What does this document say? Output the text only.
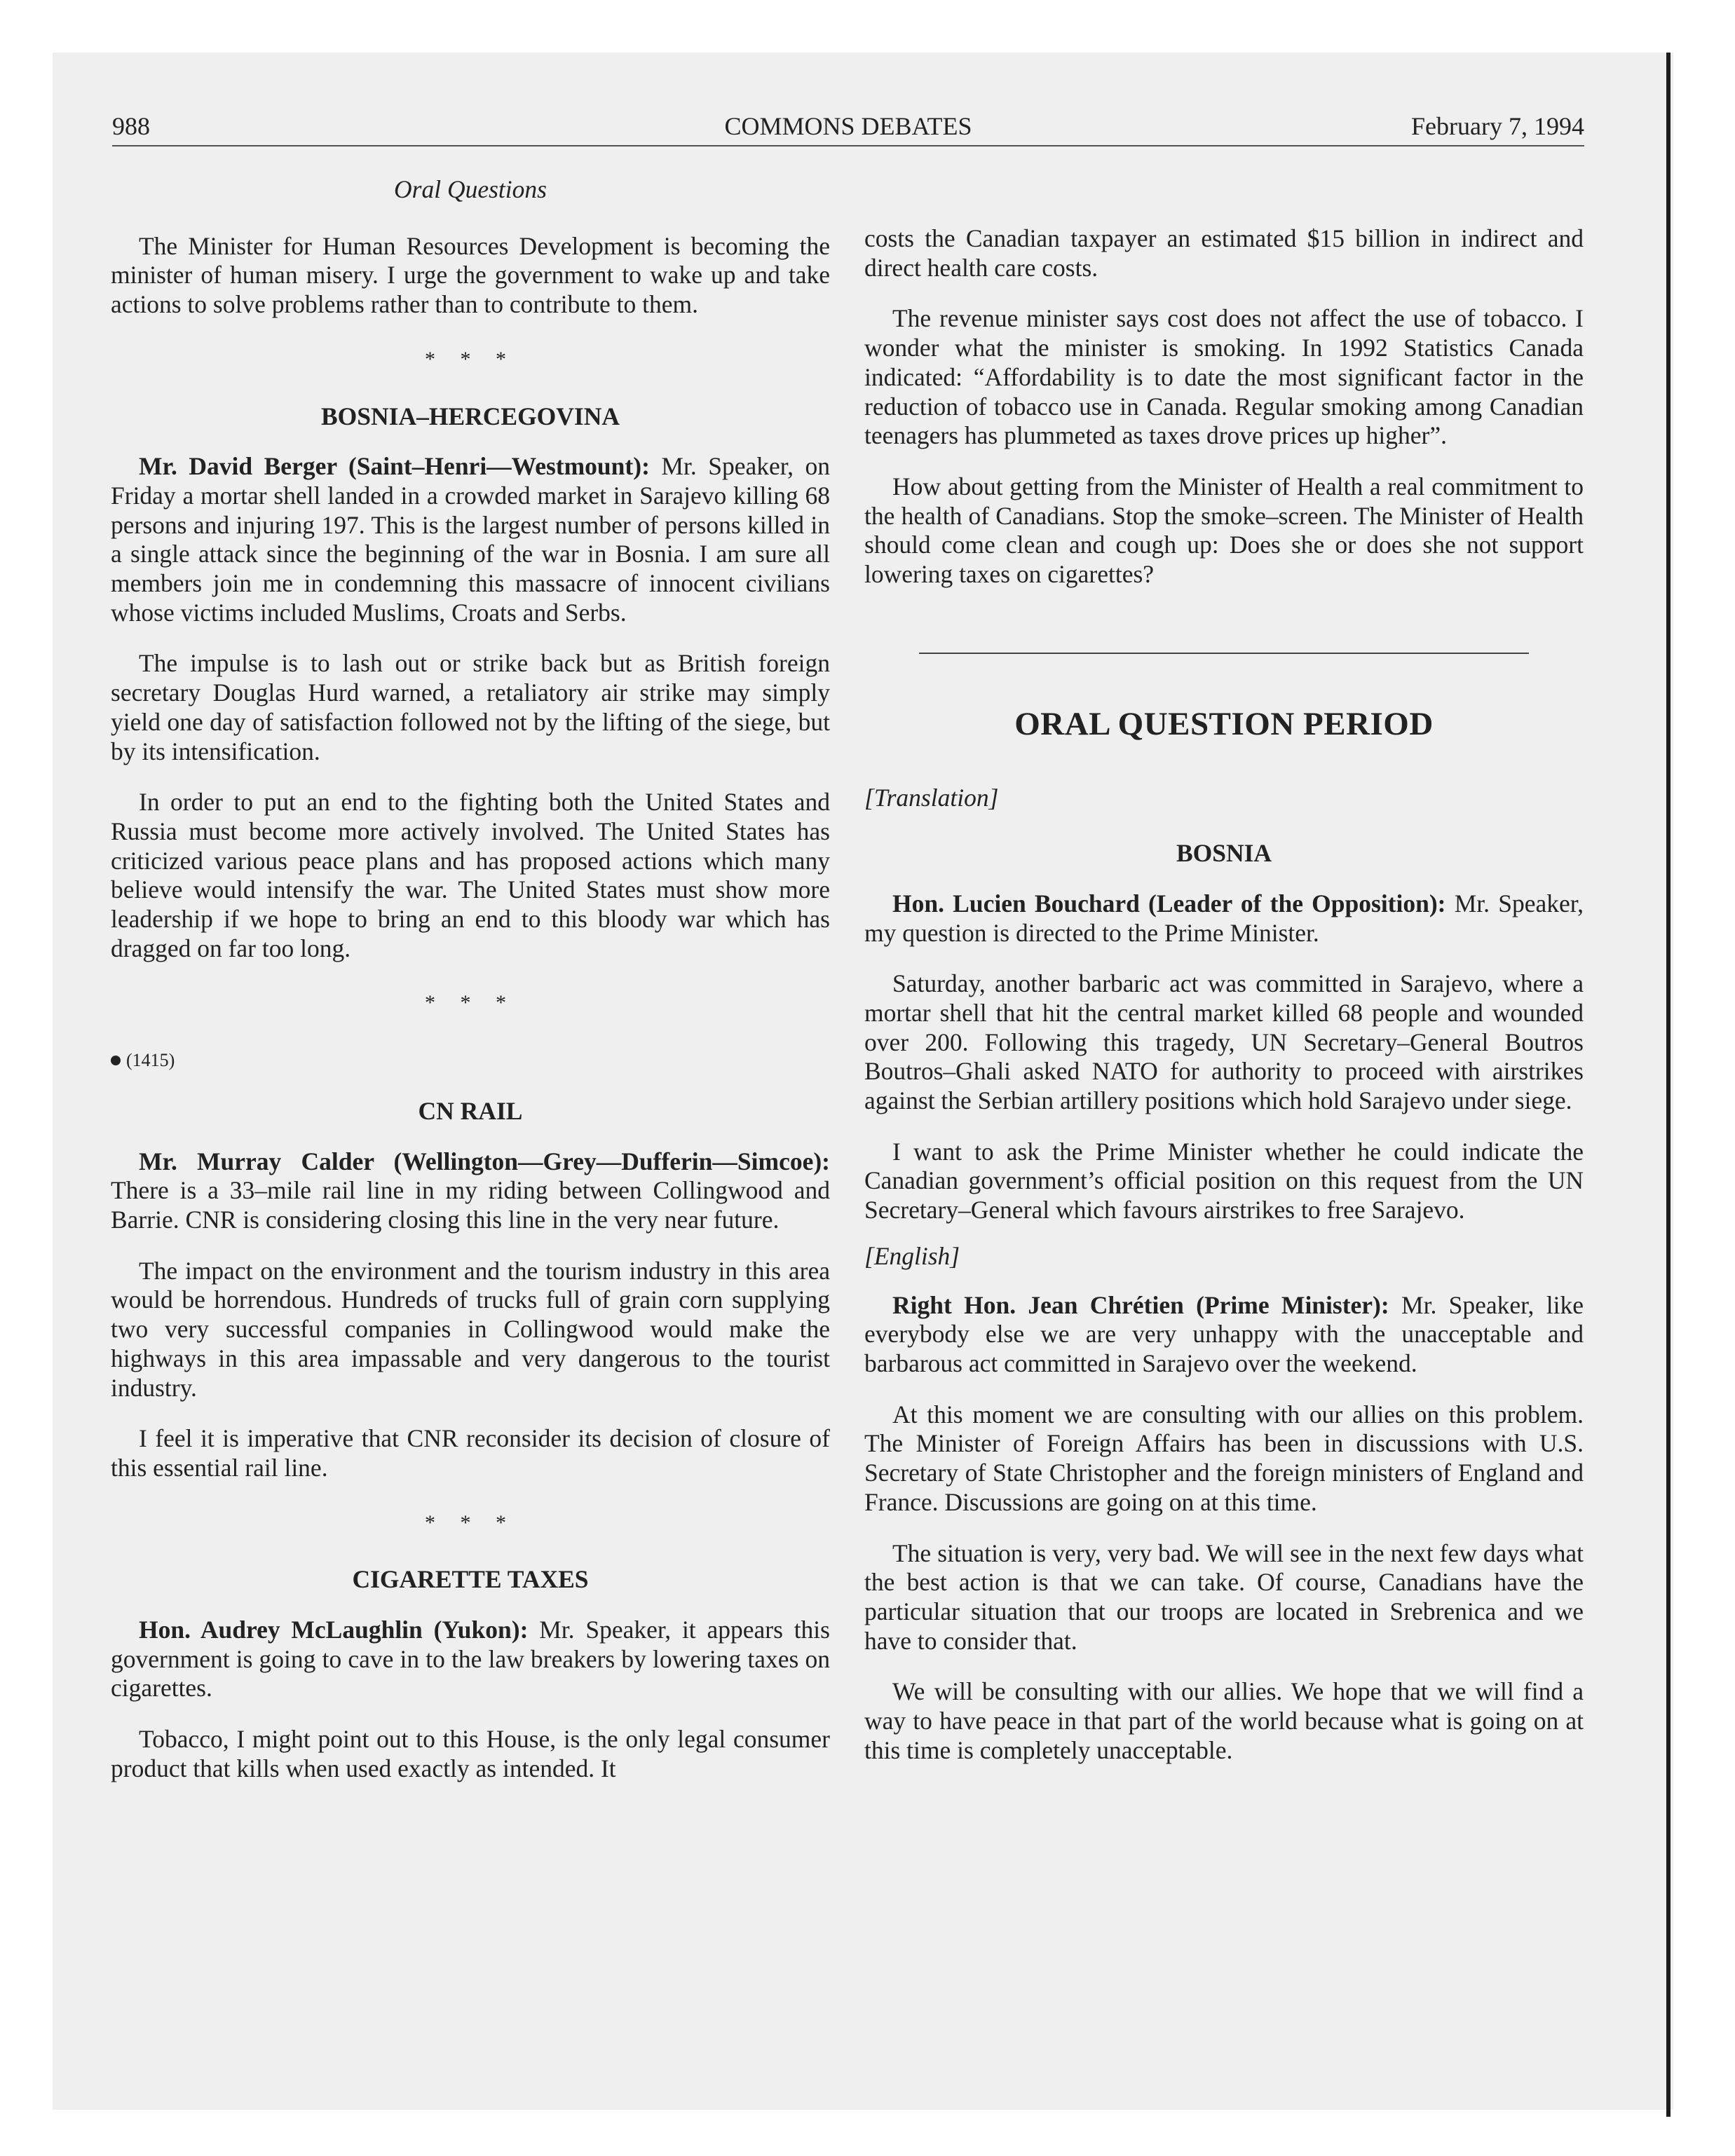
988	COMMONS DEBATES	February 7, 1994
Oral Questions

The Minister for Human Resources Development is becoming the minister of human misery. I urge the government to wake up and take actions to solve problems rather than to contribute to them.

* * *
BOSNIA–HERCEGOVINA

Mr. David Berger (Saint–Henri—Westmount): Mr. Speaker, on Friday a mortar shell landed in a crowded market in Sarajevo killing 68 persons and injuring 197. This is the largest number of persons killed in a single attack since the beginning of the war in Bosnia. I am sure all members join me in condemning this massacre of innocent civilians whose victims included Muslims, Croats and Serbs.

The impulse is to lash out or strike back but as British foreign secretary Douglas Hurd warned, a retaliatory air strike may simply yield one day of satisfaction followed not by the lifting of the siege, but by its intensification.

In order to put an end to the fighting both the United States and Russia must become more actively involved. The United States has criticized various peace plans and has proposed actions which many believe would intensify the war. The United States must show more leadership if we hope to bring an end to this bloody war which has dragged on far too long.

* * *

(1415)

CN RAIL

Mr. Murray Calder (Wellington—Grey—Dufferin—Simcoe): There is a 33–mile rail line in my riding between Collingwood and Barrie. CNR is considering closing this line in the very near future.

The impact on the environment and the tourism industry in this area would be horrendous. Hundreds of trucks full of grain corn supplying two very successful companies in Collingwood would make the highways in this area impassable and very dangerous to the tourist industry.

I feel it is imperative that CNR reconsider its decision of closure of this essential rail line.

* * *
CIGARETTE TAXES

Hon. Audrey McLaughlin (Yukon): Mr. Speaker, it appears this government is going to cave in to the law breakers by lowering taxes on cigarettes.

Tobacco, I might point out to this House, is the only legal consumer product that kills when used exactly as intended. It

costs the Canadian taxpayer an estimated $15 billion in indirect and direct health care costs.

The revenue minister says cost does not affect the use of tobacco. I wonder what the minister is smoking. In 1992 Statistics Canada indicated: “Affordability is to date the most significant factor in the reduction of tobacco use in Canada. Regular smoking among Canadian teenagers has plummeted as taxes drove prices up higher”.

How about getting from the Minister of Health a real commitment to the health of Canadians. Stop the smoke–screen. The Minister of Health should come clean and cough up: Does she or does she not support lowering taxes on cigarettes?

ORAL QUESTION PERIOD
[Translation]
BOSNIA

Hon. Lucien Bouchard (Leader of the Opposition): Mr. Speaker, my question is directed to the Prime Minister.

Saturday, another barbaric act was committed in Sarajevo, where a mortar shell that hit the central market killed 68 people and wounded over 200. Following this tragedy, UN Secretary–General Boutros Boutros–Ghali asked NATO for authority to proceed with airstrikes against the Serbian artillery positions which hold Sarajevo under siege.

I want to ask the Prime Minister whether he could indicate the Canadian government’s official position on this request from the UN Secretary–General which favours airstrikes to free Sarajevo.

[English]

Right Hon. Jean Chrétien (Prime Minister): Mr. Speaker, like everybody else we are very unhappy with the unacceptable and barbarous act committed in Sarajevo over the weekend.

At this moment we are consulting with our allies on this problem. The Minister of Foreign Affairs has been in discussions with U.S. Secretary of State Christopher and the foreign ministers of England and France. Discussions are going on at this time.

The situation is very, very bad. We will see in the next few days what the best action is that we can take. Of course, Canadians have the particular situation that our troops are located in Srebrenica and we have to consider that.

We will be consulting with our allies. We hope that we will find a way to have peace in that part of the world because what is going on at this time is completely unacceptable.
